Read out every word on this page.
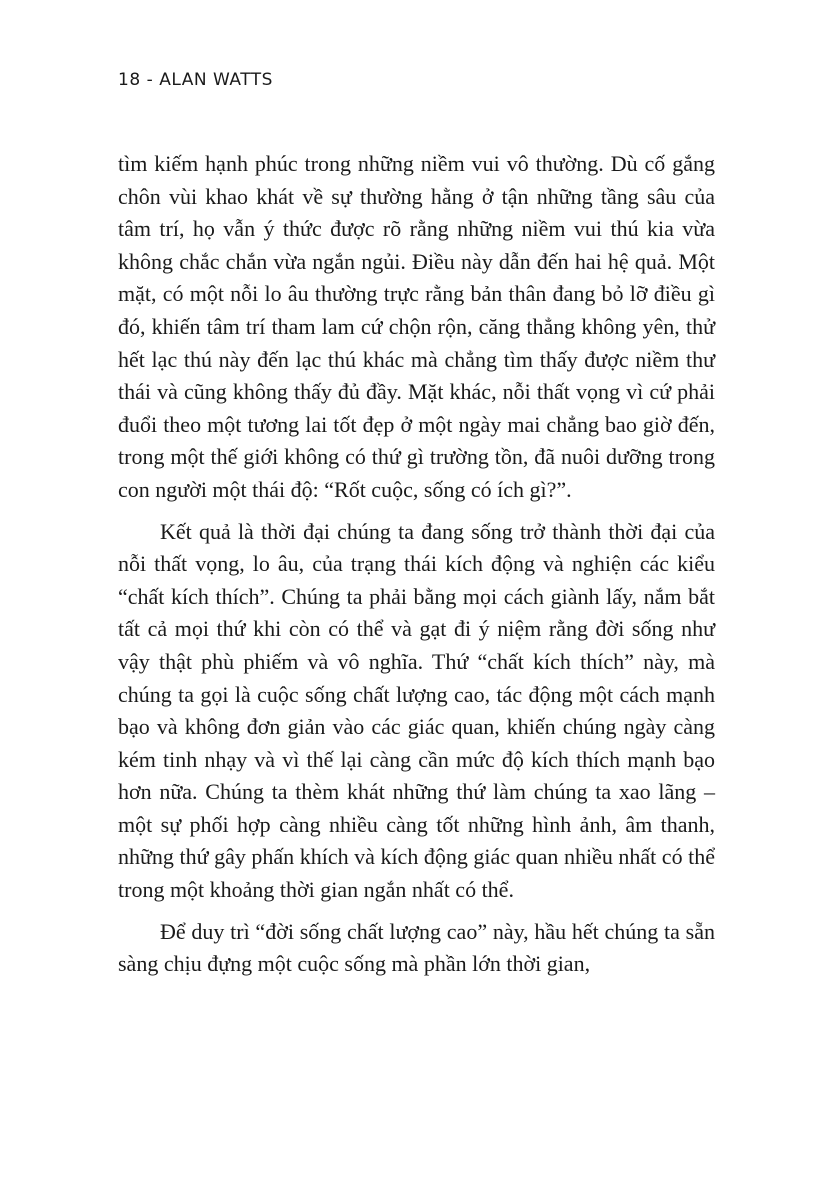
18 - ALAN WATTS

tìm kiếm hạnh phúc trong những niềm vui vô thường. Dù cố gắng chôn vùi khao khát về sự thường hằng ở tận những tầng sâu của tâm trí, họ vẫn ý thức được rõ rằng những niềm vui thú kia vừa không chắc chắn vừa ngắn ngủi. Điều này dẫn đến hai hệ quả. Một mặt, có một nỗi lo âu thường trực rằng bản thân đang bỏ lỡ điều gì đó, khiến tâm trí tham lam cứ chộn rộn, căng thẳng không yên, thử hết lạc thú này đến lạc thú khác mà chẳng tìm thấy được niềm thư thái và cũng không thấy đủ đầy. Mặt khác, nỗi thất vọng vì cứ phải đuổi theo một tương lai tốt đẹp ở một ngày mai chẳng bao giờ đến, trong một thế giới không có thứ gì trường tồn, đã nuôi dưỡng trong con người một thái độ: “Rốt cuộc, sống có ích gì?”.

Kết quả là thời đại chúng ta đang sống trở thành thời đại của nỗi thất vọng, lo âu, của trạng thái kích động và nghiện các kiểu “chất kích thích”. Chúng ta phải bằng mọi cách giành lấy, nắm bắt tất cả mọi thứ khi còn có thể và gạt đi ý niệm rằng đời sống như vậy thật phù phiếm và vô nghĩa. Thứ “chất kích thích” này, mà chúng ta gọi là cuộc sống chất lượng cao, tác động một cách mạnh bạo và không đơn giản vào các giác quan, khiến chúng ngày càng kém tinh nhạy và vì thế lại càng cần mức độ kích thích mạnh bạo hơn nữa. Chúng ta thèm khát những thứ làm chúng ta xao lãng – một sự phối hợp càng nhiều càng tốt những hình ảnh, âm thanh, những thứ gây phấn khích và kích động giác quan nhiều nhất có thể trong một khoảng thời gian ngắn nhất có thể.

Để duy trì “đời sống chất lượng cao” này, hầu hết chúng ta sẵn sàng chịu đựng một cuộc sống mà phần lớn thời gian,
